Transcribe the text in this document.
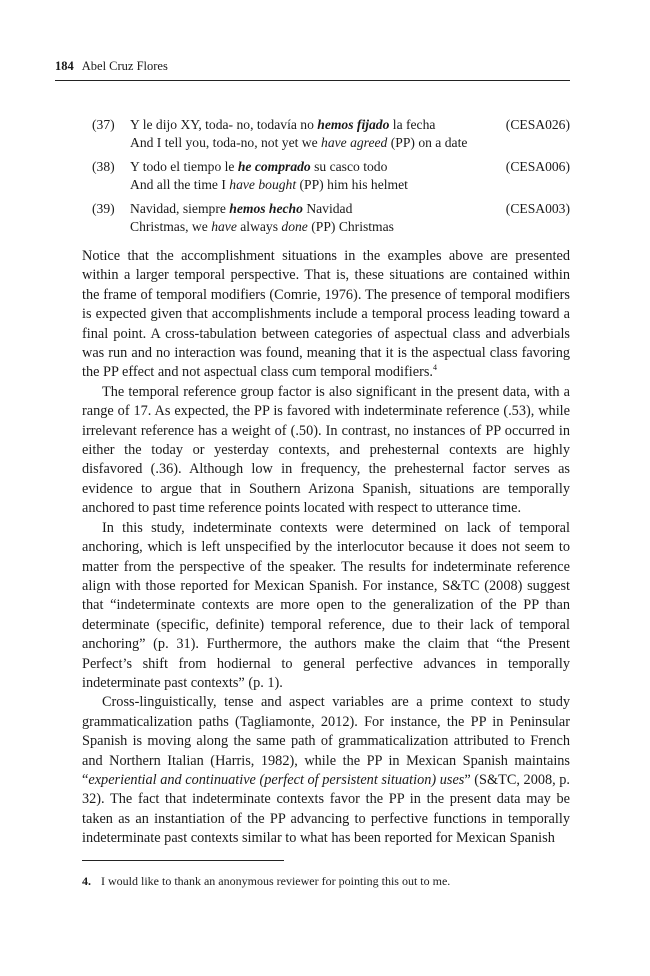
184 Abel Cruz Flores
(37)	Y le dijo XY, toda- no, todavía no hemos fijado la fecha	(CESA026)
And I tell you, toda-no, not yet we have agreed (PP) on a date
(38)	Y todo el tiempo le he comprado su casco todo	(CESA006)
And all the time I have bought (PP) him his helmet
(39)	Navidad, siempre hemos hecho Navidad	(CESA003)
Christmas, we have always done (PP) Christmas

Notice that the accomplishment situations in the examples above are presented within a larger temporal perspective. That is, these situations are contained within the frame of temporal modifiers (Comrie, 1976). The presence of temporal modifiers is expected given that accomplishments include a temporal process leading toward a final point. A cross-tabulation between categories of aspectual class and adverbials was run and no interaction was found, meaning that it is the aspectual class favoring the PP effect and not aspectual class cum temporal modifiers.$^4$

The temporal reference group factor is also significant in the present data, with a range of 17. As expected, the PP is favored with indeterminate reference (.53), while irrelevant reference has a weight of (.50). In contrast, no instances of PP occurred in either the today or yesterday contexts, and prehesternal contexts are highly disfavored (.36). Although low in frequency, the prehesternal factor serves as evidence to argue that in Southern Arizona Spanish, situations are temporally anchored to past time reference points located with respect to utterance time.

In this study, indeterminate contexts were determined on lack of temporal anchoring, which is left unspecified by the interlocutor because it does not seem to matter from the perspective of the speaker. The results for indeterminate reference align with those reported for Mexican Spanish. For instance, S&TC (2008) suggest that “indeterminate contexts are more open to the generalization of the PP than determinate (specific, definite) temporal reference, due to their lack of temporal anchoring” (p. 31). Furthermore, the authors make the claim that “the Present Perfect’s shift from hodiernal to general perfective advances in temporally indeterminate past contexts” (p. 1).

Cross-linguistically, tense and aspect variables are a prime context to study grammaticalization paths (Tagliamonte, 2012). For instance, the PP in Peninsular Spanish is moving along the same path of grammaticalization attributed to French and Northern Italian (Harris, 1982), while the PP in Mexican Spanish maintains “experiential and continuative (perfect of persistent situation) uses” (S&TC, 2008, p. 32). The fact that indeterminate contexts favor the PP in the present data may be taken as an instantiation of the PP advancing to perfective functions in temporally indeterminate past contexts similar to what has been reported for Mexican Spanish

4. I would like to thank an anonymous reviewer for pointing this out to me.
